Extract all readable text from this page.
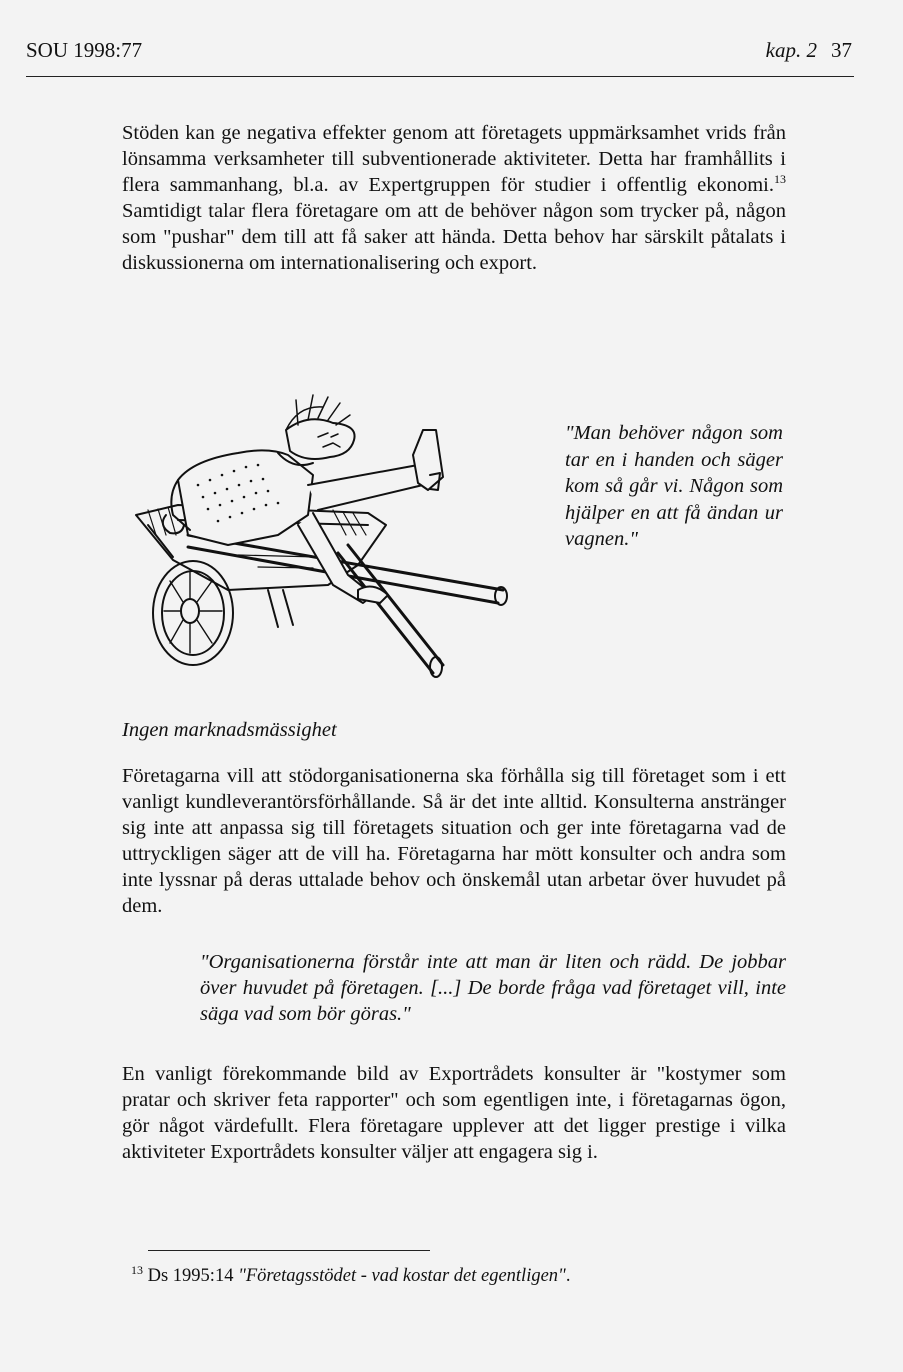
SOU 1998:77	kap. 2 37

Stöden kan ge negativa effekter genom att företagets uppmärksamhet vrids från lönsamma verksamheter till subventionerade aktiviteter. Detta har framhållits i flera sammanhang, bl.a. av Expertgruppen för studier i offentlig ekonomi.$^{13}$ Samtidigt talar flera företagare om att de behöver någon som trycker på, någon som "pushar" dem till att få saker att hända. Detta behov har särskilt påtalats i diskussionerna om internationalisering och export.

"Man behöver någon som tar en i handen och säger kom så går vi. Någon som hjälper en att få ändan ur vagnen."

Ingen marknadsmässighet

Företagarna vill att stödorganisationerna ska förhålla sig till företaget som i ett vanligt kundleverantörsförhållande. Så är det inte alltid. Konsulterna anstränger sig inte att anpassa sig till företagets situation och ger inte företagarna vad de uttryckligen säger att de vill ha. Företagarna har mött konsulter och andra som inte lyssnar på deras uttalade behov och önskemål utan arbetar över huvudet på dem.

"Organisationerna förstår inte att man är liten och rädd. De jobbar över huvudet på företagen. [...] De borde fråga vad företaget vill, inte säga vad som bör göras."

En vanligt förekommande bild av Exportrådets konsulter är "kostymer som pratar och skriver feta rapporter" och som egentligen inte, i företagarnas ögon, gör något värdefullt. Flera företagare upplever att det ligger prestige i vilka aktiviteter Exportrådets konsulter väljer att engagera sig i.

$^{13}$ Ds 1995:14 "Företagsstödet - vad kostar det egentligen".
